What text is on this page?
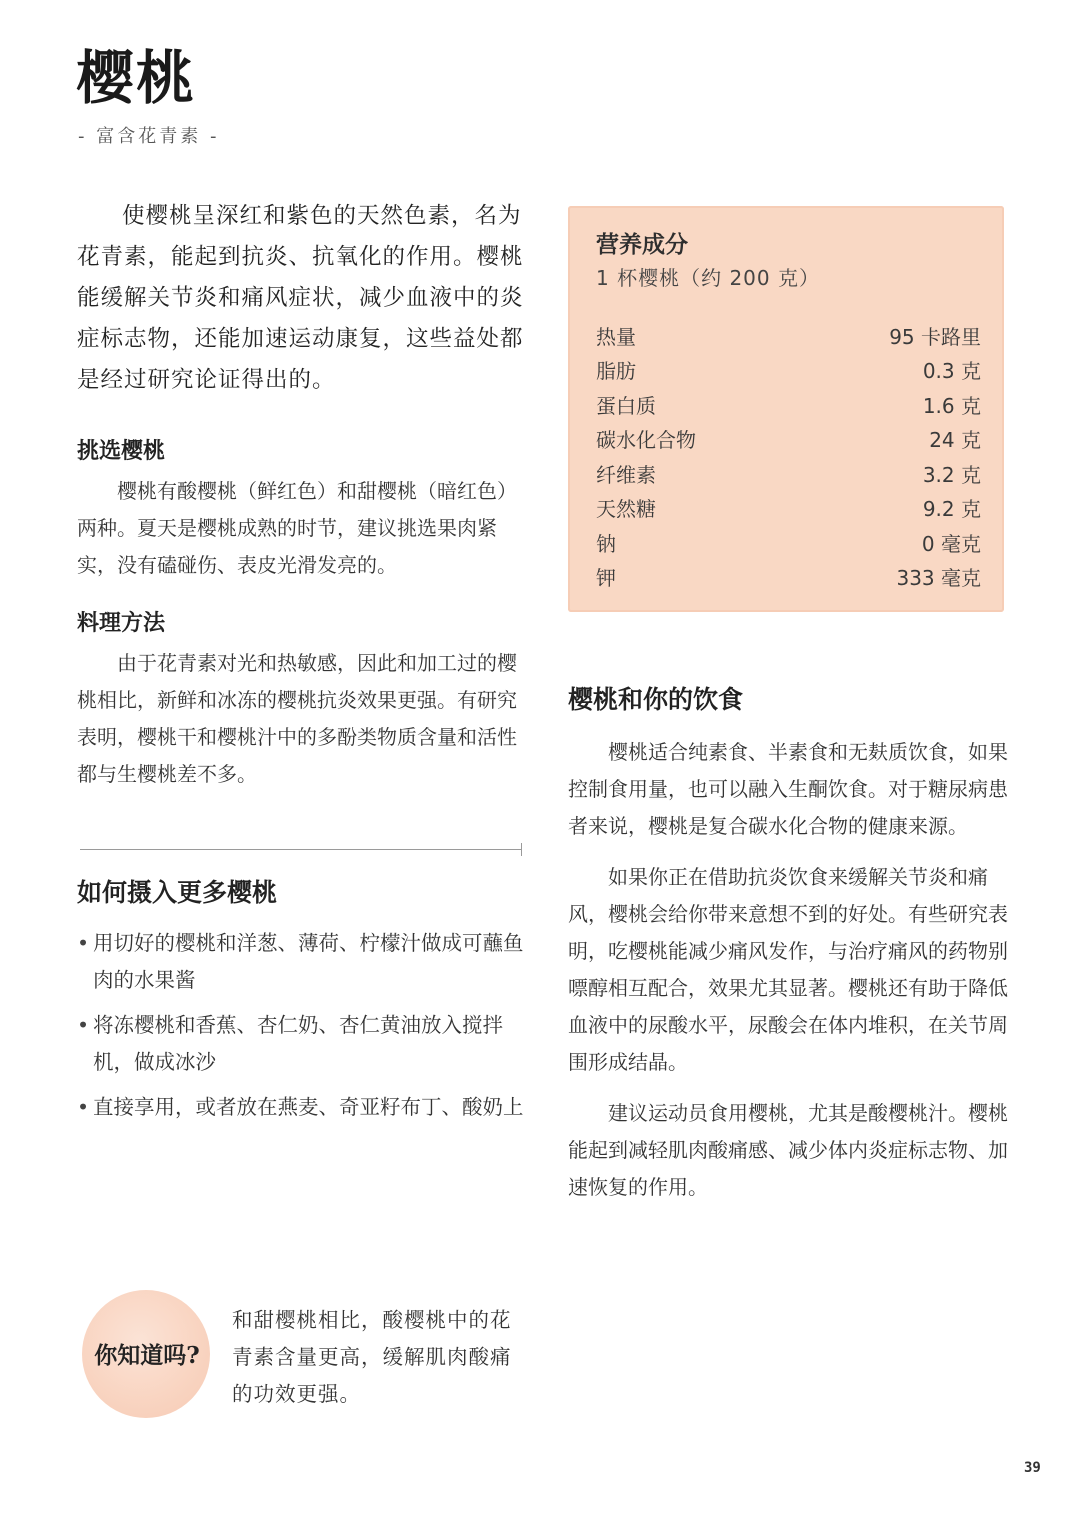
樱桃
- 富含花青素 -

使樱桃呈深红和紫色的天然色素，名为花青素，能起到抗炎、抗氧化的作用。樱桃能缓解关节炎和痛风症状，减少血液中的炎症标志物，还能加速运动康复，这些益处都是经过研究论证得出的。

挑选樱桃

樱桃有酸樱桃（鲜红色）和甜樱桃（暗红色）两种。夏天是樱桃成熟的时节，建议挑选果肉紧实，没有磕碰伤、表皮光滑发亮的。

料理方法

由于花青素对光和热敏感，因此和加工过的樱桃相比，新鲜和冰冻的樱桃抗炎效果更强。有研究表明，樱桃干和樱桃汁中的多酚类物质含量和活性都与生樱桃差不多。

如何摄入更多樱桃
• 用切好的樱桃和洋葱、薄荷、柠檬汁做成可蘸鱼肉的水果酱
• 将冻樱桃和香蕉、杏仁奶、杏仁黄油放入搅拌机，做成冰沙
• 直接享用，或者放在燕麦、奇亚籽布丁、酸奶上
营养成分
1 杯樱桃（约 200 克）
热量	95 卡路里
脂肪	0.3 克
蛋白质	1.6 克
碳水化合物	24 克
纤维素	3.2 克
天然糖	9.2 克
钠	0 毫克
钾	333 毫克
樱桃和你的饮食

樱桃适合纯素食、半素食和无麸质饮食，如果控制食用量，也可以融入生酮饮食。对于糖尿病患者来说，樱桃是复合碳水化合物的健康来源。

如果你正在借助抗炎饮食来缓解关节炎和痛风，樱桃会给你带来意想不到的好处。有些研究表明，吃樱桃能减少痛风发作，与治疗痛风的药物别嘌醇相互配合，效果尤其显著。樱桃还有助于降低血液中的尿酸水平，尿酸会在体内堆积，在关节周围形成结晶。

建议运动员食用樱桃，尤其是酸樱桃汁。樱桃能起到减轻肌肉酸痛感、减少体内炎症标志物、加速恢复的作用。

你知道吗?

和甜樱桃相比，酸樱桃中的花青素含量更高，缓解肌肉酸痛的功效更强。

39
